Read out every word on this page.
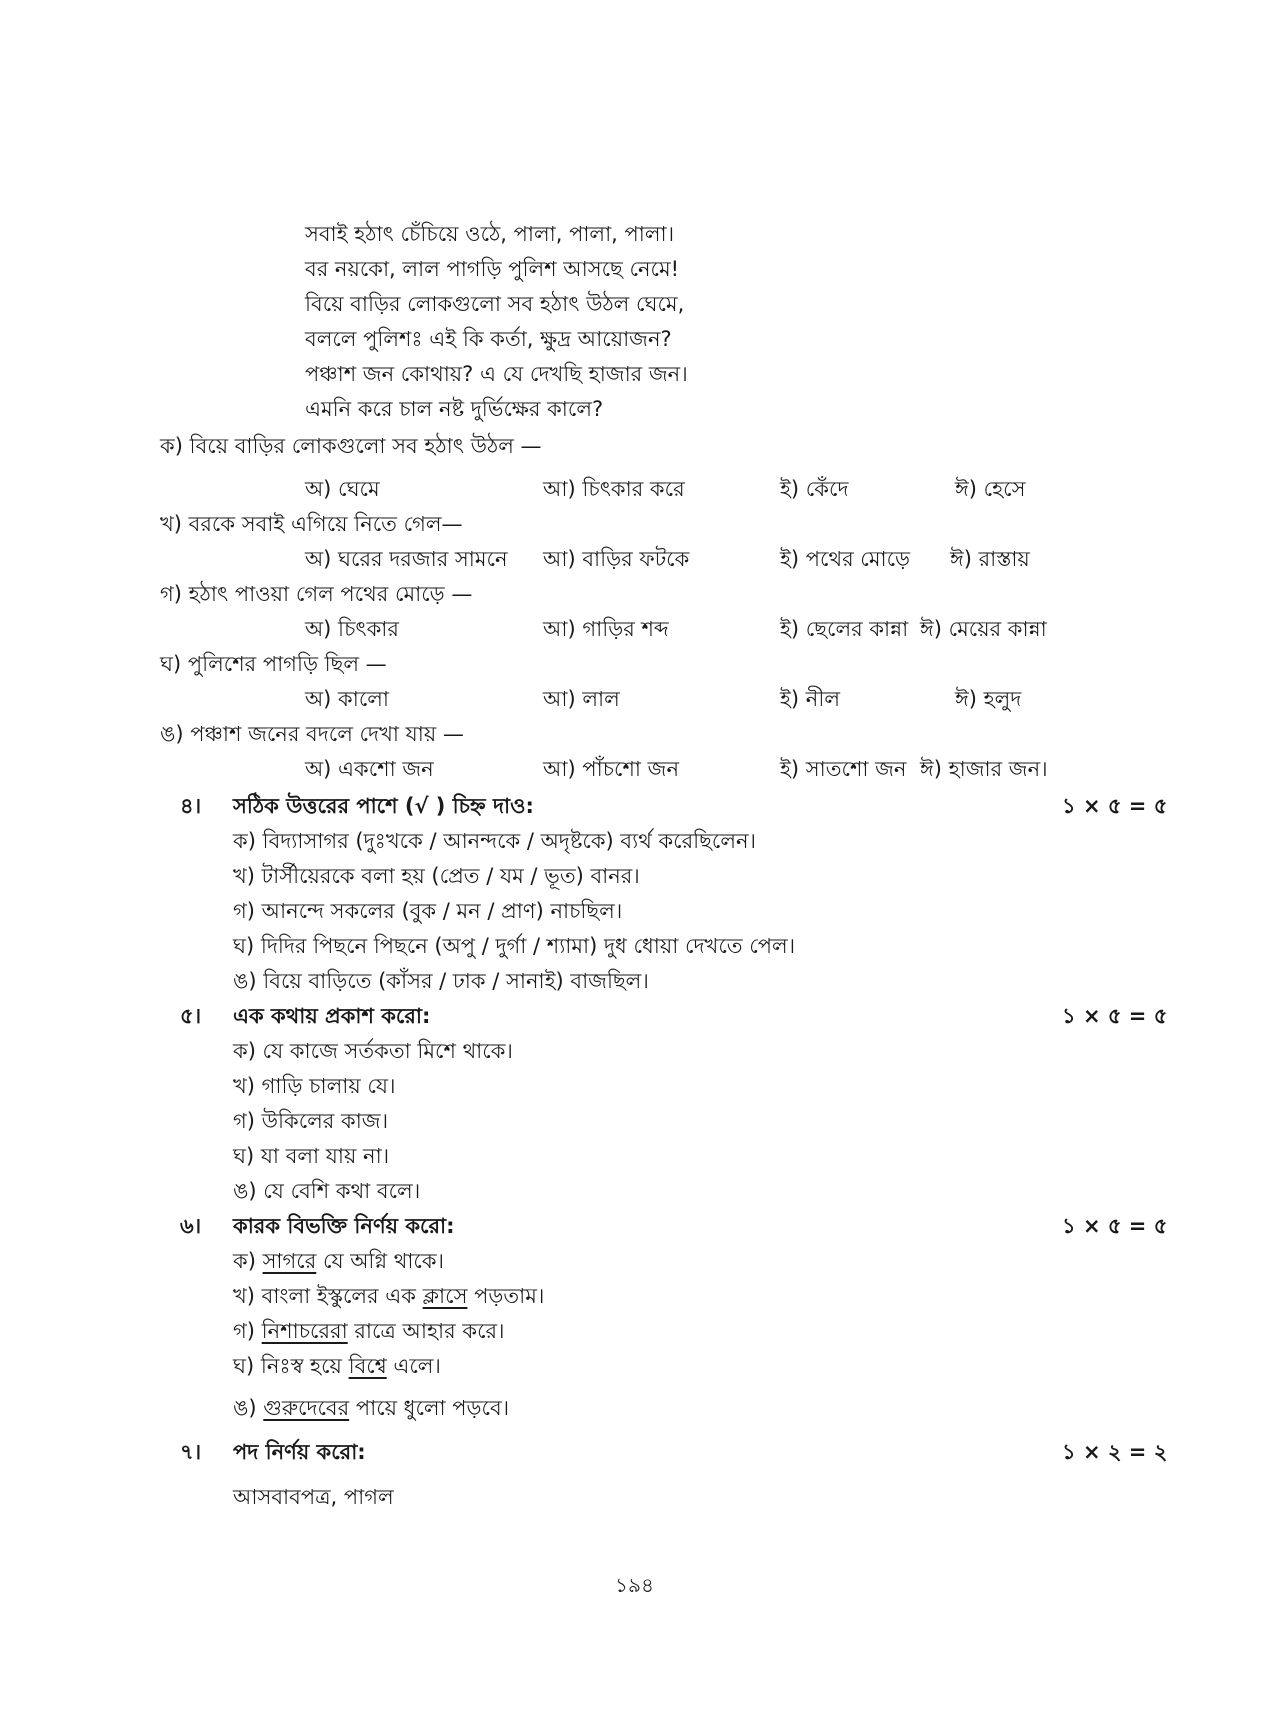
সবাই হঠাৎ চেঁচিয়ে ওঠে, পালা, পালা, পালা।
বর নয়কো, লাল পাগড়ি পুলিশ আসছে নেমে!
বিয়ে বাড়ির লোকগুলো সব হঠাৎ উঠল ঘেমে,
বললে পুলিশঃ এই কি কর্তা, ক্ষুদ্র আয়োজন?
পঞ্চাশ জন কোথায়? এ যে দেখছি হাজার জন।
এমনি করে চাল নষ্ট দুর্ভিক্ষের কালে?
ক) বিয়ে বাড়ির লোকগুলো সব হঠাৎ উঠল —
অ) ঘেমে	আ) চিৎকার করে	ই) কেঁদে	ঈ) হেসে
খ) বরকে সবাই এগিয়ে নিতে গেল—
অ) ঘরের দরজার সামনে আ) বাড়ির ফটকে	ই) পথের মোড়ে ঈ) রাস্তায়
গ) হঠাৎ পাওয়া গেল পথের মোড়ে —
অ) চিৎকার	আ) গাড়ির শব্দ	ই) ছেলের কান্না ঈ) মেয়ের কান্না
ঘ) পুলিশের পাগড়ি ছিল —
অ) কালো	আ) লাল	ই) নীল	ঈ) হলুদ
ঙ) পঞ্চাশ জনের বদলে দেখা যায় —
অ) একশো জন	আ) পাঁচশো জন	ই) সাতশো জন ঈ) হাজার জন।
৪। সঠিক উত্তরের পাশে (√ ) চিহ্ন দাও:	১ × ৫ = ৫
ক) বিদ্যাসাগর (দুঃখকে / আনন্দকে / অদৃষ্টকে) ব্যর্থ করেছিলেন।
খ) টার্সীয়েরকে বলা হয় (প্রেত / যম / ভূত) বানর।
গ) আনন্দে সকলের (বুক / মন / প্রাণ) নাচছিল।
ঘ) দিদির পিছনে পিছনে (অপু / দুর্গা / শ্যামা) দুধ ধোয়া দেখতে পেল।
ঙ) বিয়ে বাড়িতে (কাঁসর / ঢাক / সানাই) বাজছিল।
৫। এক কথায় প্রকাশ করো:	১ × ৫ = ৫
ক) যে কাজে সর্তকতা মিশে থাকে।
খ) গাড়ি চালায় যে।
গ) উকিলের কাজ।
ঘ) যা বলা যায় না।
ঙ) যে বেশি কথা বলে।
৬। কারক বিভক্তি নির্ণয় করো:	১ × ৫ = ৫
ক) সাগরে যে অগ্নি থাকে।
খ) বাংলা ইস্কুলের এক ক্লাসে পড়তাম।
গ) নিশাচরেরা রাত্রে আহার করে।
ঘ) নিঃস্ব হয়ে বিশ্বে এলে।
ঙ) গুরুদেবের পায়ে ধুলো পড়বে।
৭। পদ নির্ণয় করো:	১ × ২ = ২
আসবাবপত্র, পাগল
১৯৪
